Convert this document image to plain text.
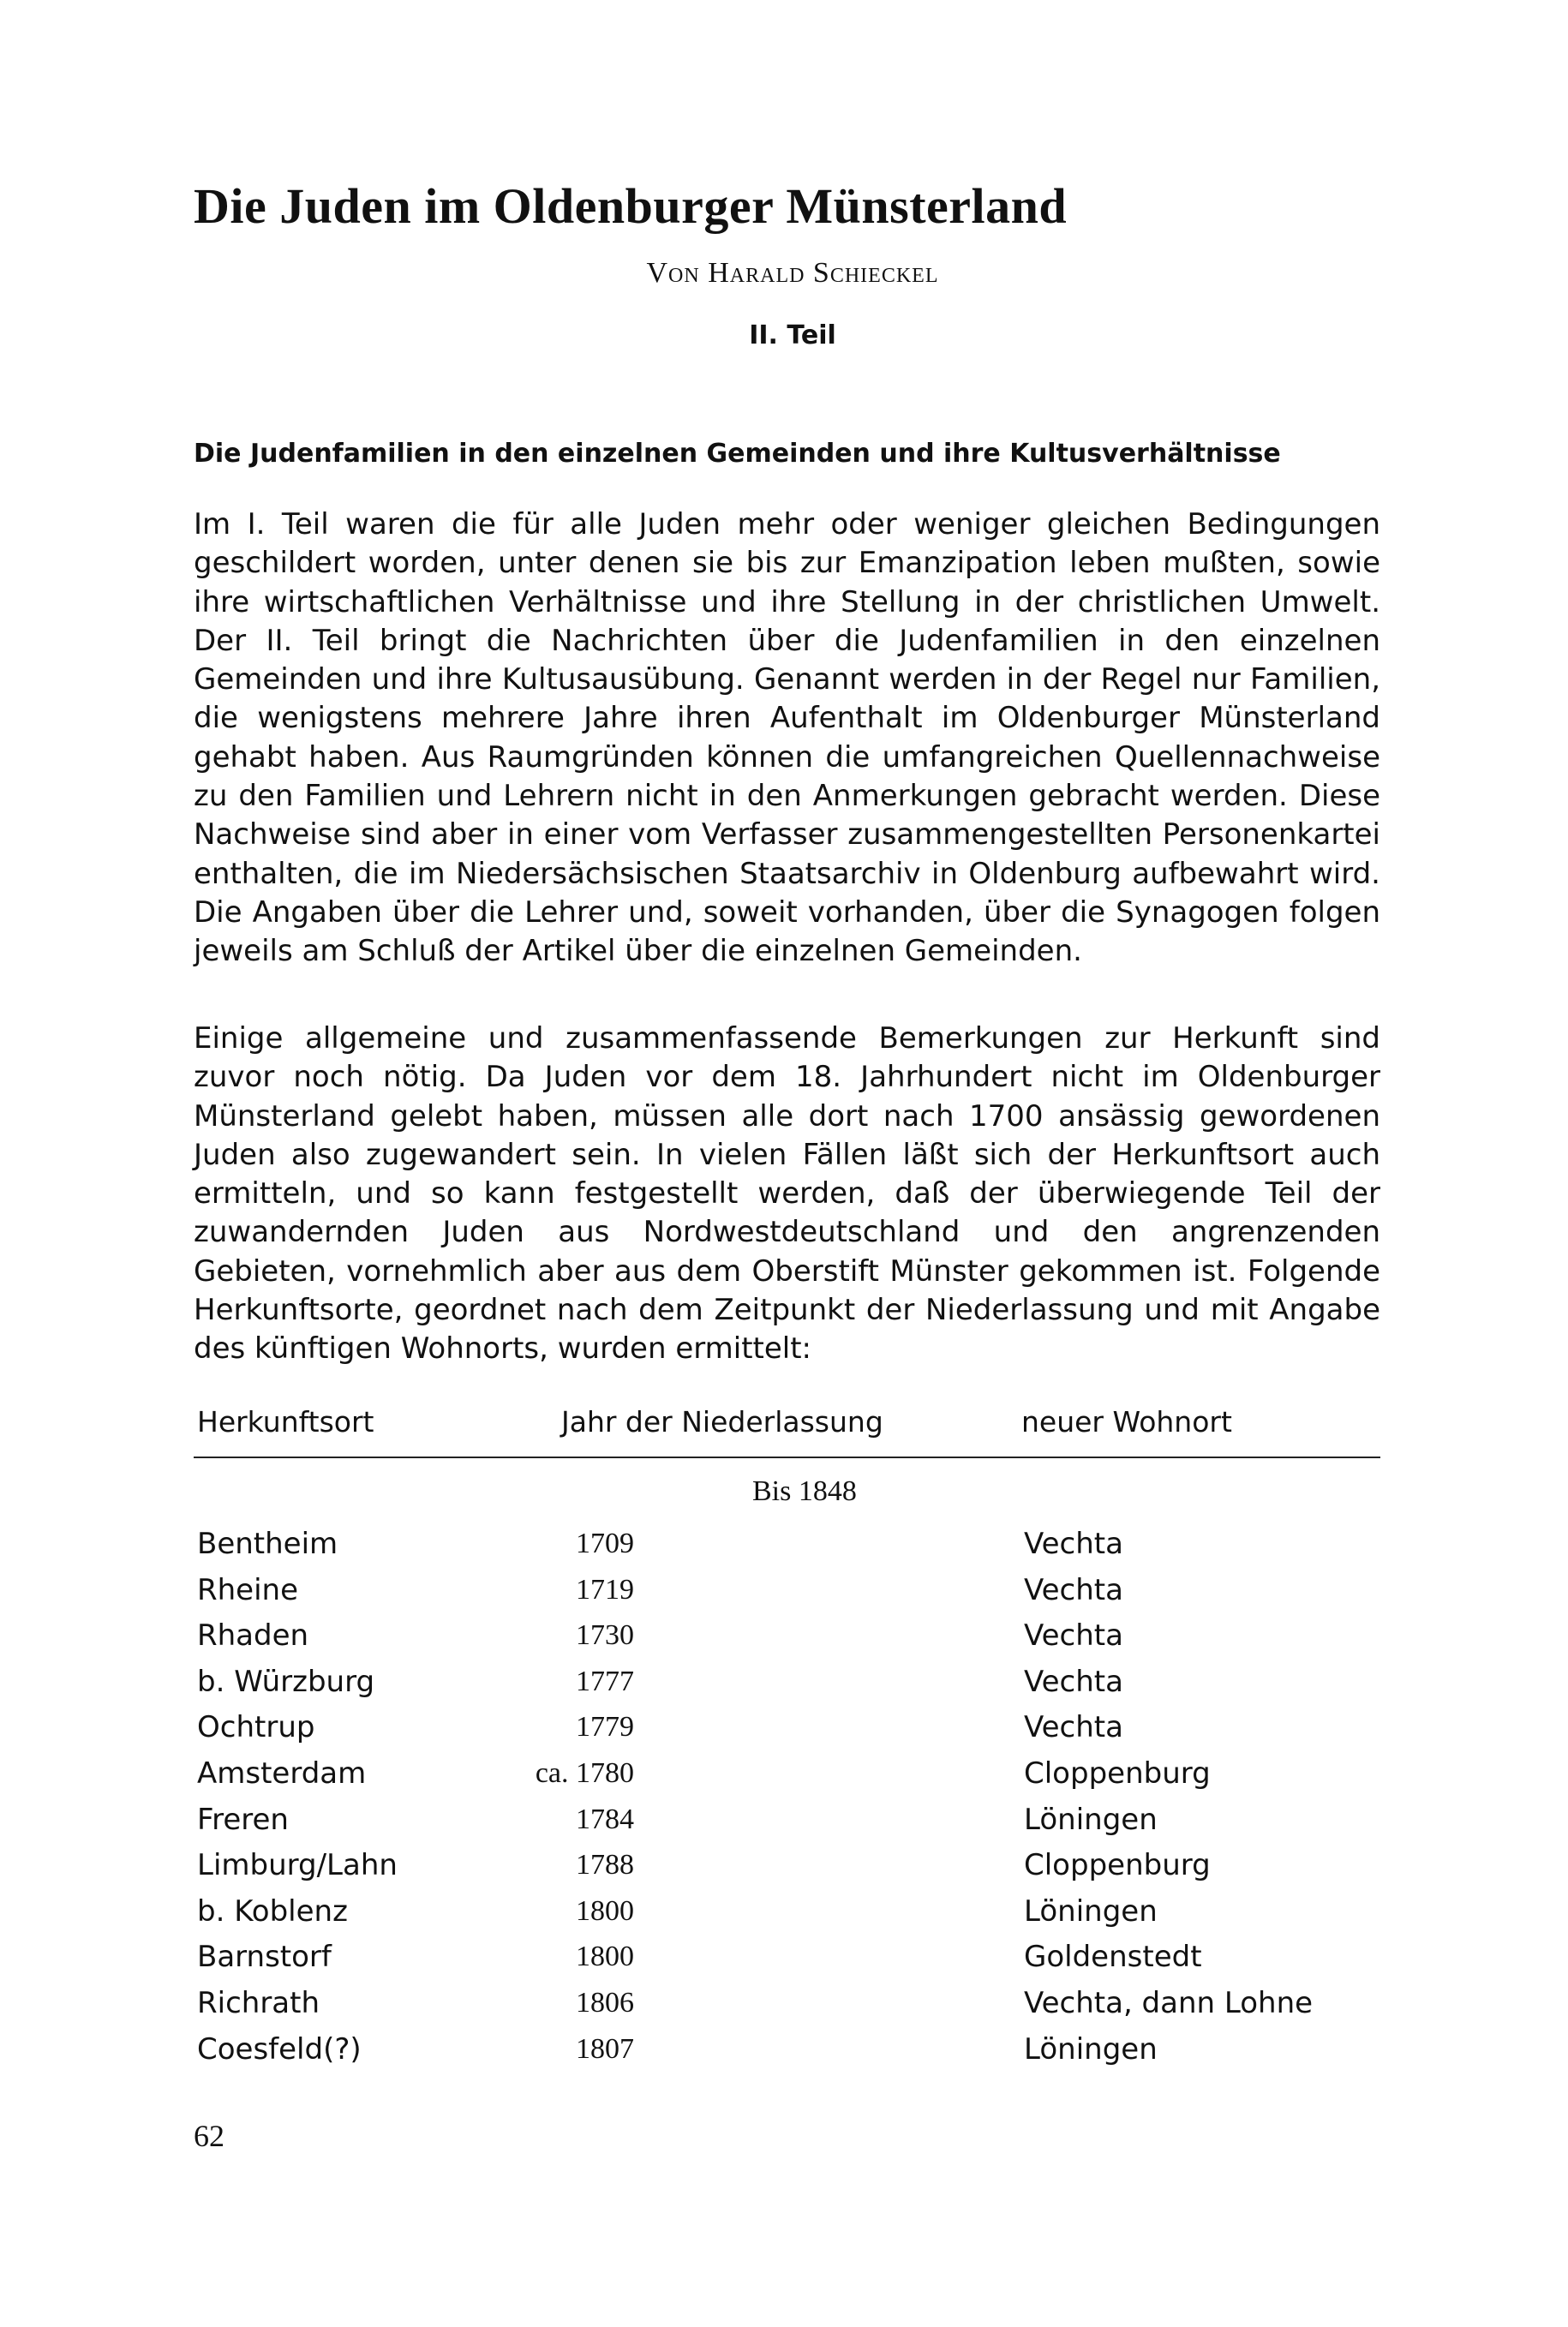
Die Juden im Oldenburger Münsterland
Von Harald Schieckel
II. Teil
Die Judenfamilien in den einzelnen Gemeinden und ihre Kultusverhältnisse

Im I. Teil waren die für alle Juden mehr oder weniger gleichen Bedingungen geschildert worden, unter denen sie bis zur Emanzipation leben mußten, sowie ihre wirtschaftlichen Verhältnisse und ihre Stellung in der christlichen Umwelt. Der II. Teil bringt die Nachrichten über die Judenfamilien in den einzelnen Gemeinden und ihre Kultusausübung. Genannt werden in der Regel nur Familien, die wenigstens mehrere Jahre ihren Aufenthalt im Oldenburger Münsterland gehabt haben. Aus Raumgründen können die umfangreichen Quellennachweise zu den Familien und Lehrern nicht in den Anmerkungen gebracht werden. Diese Nachweise sind aber in einer vom Verfasser zusammengestellten Personenkartei enthalten, die im Niedersächsischen Staatsarchiv in Oldenburg aufbewahrt wird. Die Angaben über die Lehrer und, soweit vorhanden, über die Synagogen folgen jeweils am Schluß der Artikel über die einzelnen Gemeinden.

Einige allgemeine und zusammenfassende Bemerkungen zur Herkunft sind zuvor noch nötig. Da Juden vor dem 18. Jahrhundert nicht im Oldenburger Münsterland gelebt haben, müssen alle dort nach 1700 ansässig gewordenen Juden also zugewandert sein. In vielen Fällen läßt sich der Herkunftsort auch ermitteln, und so kann festgestellt werden, daß der überwiegende Teil der zuwandernden Juden aus Nordwestdeutschland und den angrenzenden Gebieten, vornehmlich aber aus dem Oberstift Münster gekommen ist. Folgende Herkunftsorte, geordnet nach dem Zeitpunkt der Niederlassung und mit Angabe des künftigen Wohnorts, wurden ermittelt:

Herkunftsort	Jahr der Niederlassung	neuer Wohnort
Bis 1848
Bentheim	1709	Vechta
Rheine	1719	Vechta
Rhaden	1730	Vechta
b. Würzburg	1777	Vechta
Ochtrup	1779	Vechta
Amsterdam	ca. 1780	Cloppenburg
Freren	1784	Löningen
Limburg/Lahn	1788	Cloppenburg
b. Koblenz	1800	Löningen
Barnstorf	1800	Goldenstedt
Richrath	1806	Vechta, dann Lohne
Coesfeld(?)	1807	Löningen
62
